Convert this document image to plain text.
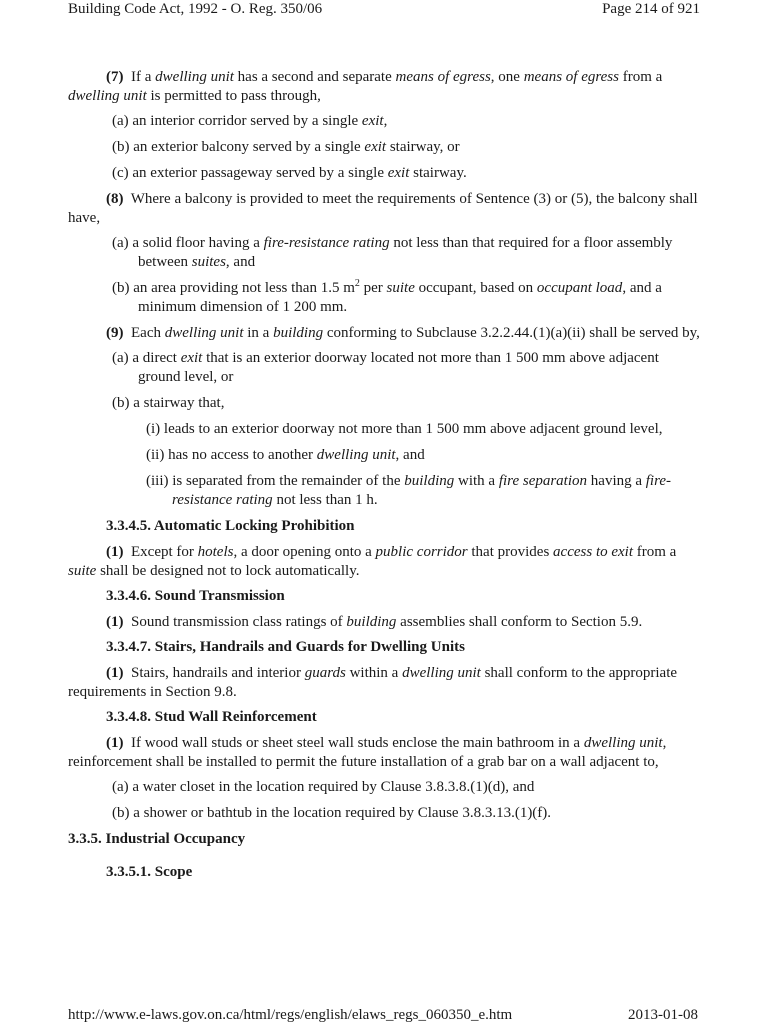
Building Code Act, 1992 - O. Reg. 350/06	Page 214 of 921

(7) If a dwelling unit has a second and separate means of egress, one means of egress from a dwelling unit is permitted to pass through,

(a) an interior corridor served by a single exit,

(b) an exterior balcony served by a single exit stairway, or

(c) an exterior passageway served by a single exit stairway.

(8) Where a balcony is provided to meet the requirements of Sentence (3) or (5), the balcony shall have,

(a) a solid floor having a fire-resistance rating not less than that required for a floor assembly between suites, and

(b) an area providing not less than 1.5 $m^2$ per suite occupant, based on occupant load, and a minimum dimension of 1 200 mm.

(9) Each dwelling unit in a building conforming to Subclause 3.2.2.44.(1)(a)(ii) shall be served by,

(a) a direct exit that is an exterior doorway located not more than 1 500 mm above adjacent ground level, or

(b) a stairway that,

(i) leads to an exterior doorway not more than 1 500 mm above adjacent ground level,

(ii) has no access to another dwelling unit, and

(iii) is separated from the remainder of the building with a fire separation having a fire-resistance rating not less than 1 h.

3.3.4.5. Automatic Locking Prohibition

(1) Except for hotels, a door opening onto a public corridor that provides access to exit from a suite shall be designed not to lock automatically.

3.3.4.6. Sound Transmission

(1) Sound transmission class ratings of building assemblies shall conform to Section 5.9.

3.3.4.7. Stairs, Handrails and Guards for Dwelling Units

(1) Stairs, handrails and interior guards within a dwelling unit shall conform to the appropriate requirements in Section 9.8.

3.3.4.8. Stud Wall Reinforcement

(1) If wood wall studs or sheet steel wall studs enclose the main bathroom in a dwelling unit, reinforcement shall be installed to permit the future installation of a grab bar on a wall adjacent to,

(a) a water closet in the location required by Clause 3.8.3.8.(1)(d), and

(b) a shower or bathtub in the location required by Clause 3.8.3.13.(1)(f).

3.3.5. Industrial Occupancy

3.3.5.1. Scope

http://www.e-laws.gov.on.ca/html/regs/english/elaws_regs_060350_e.htm	2013-01-08
